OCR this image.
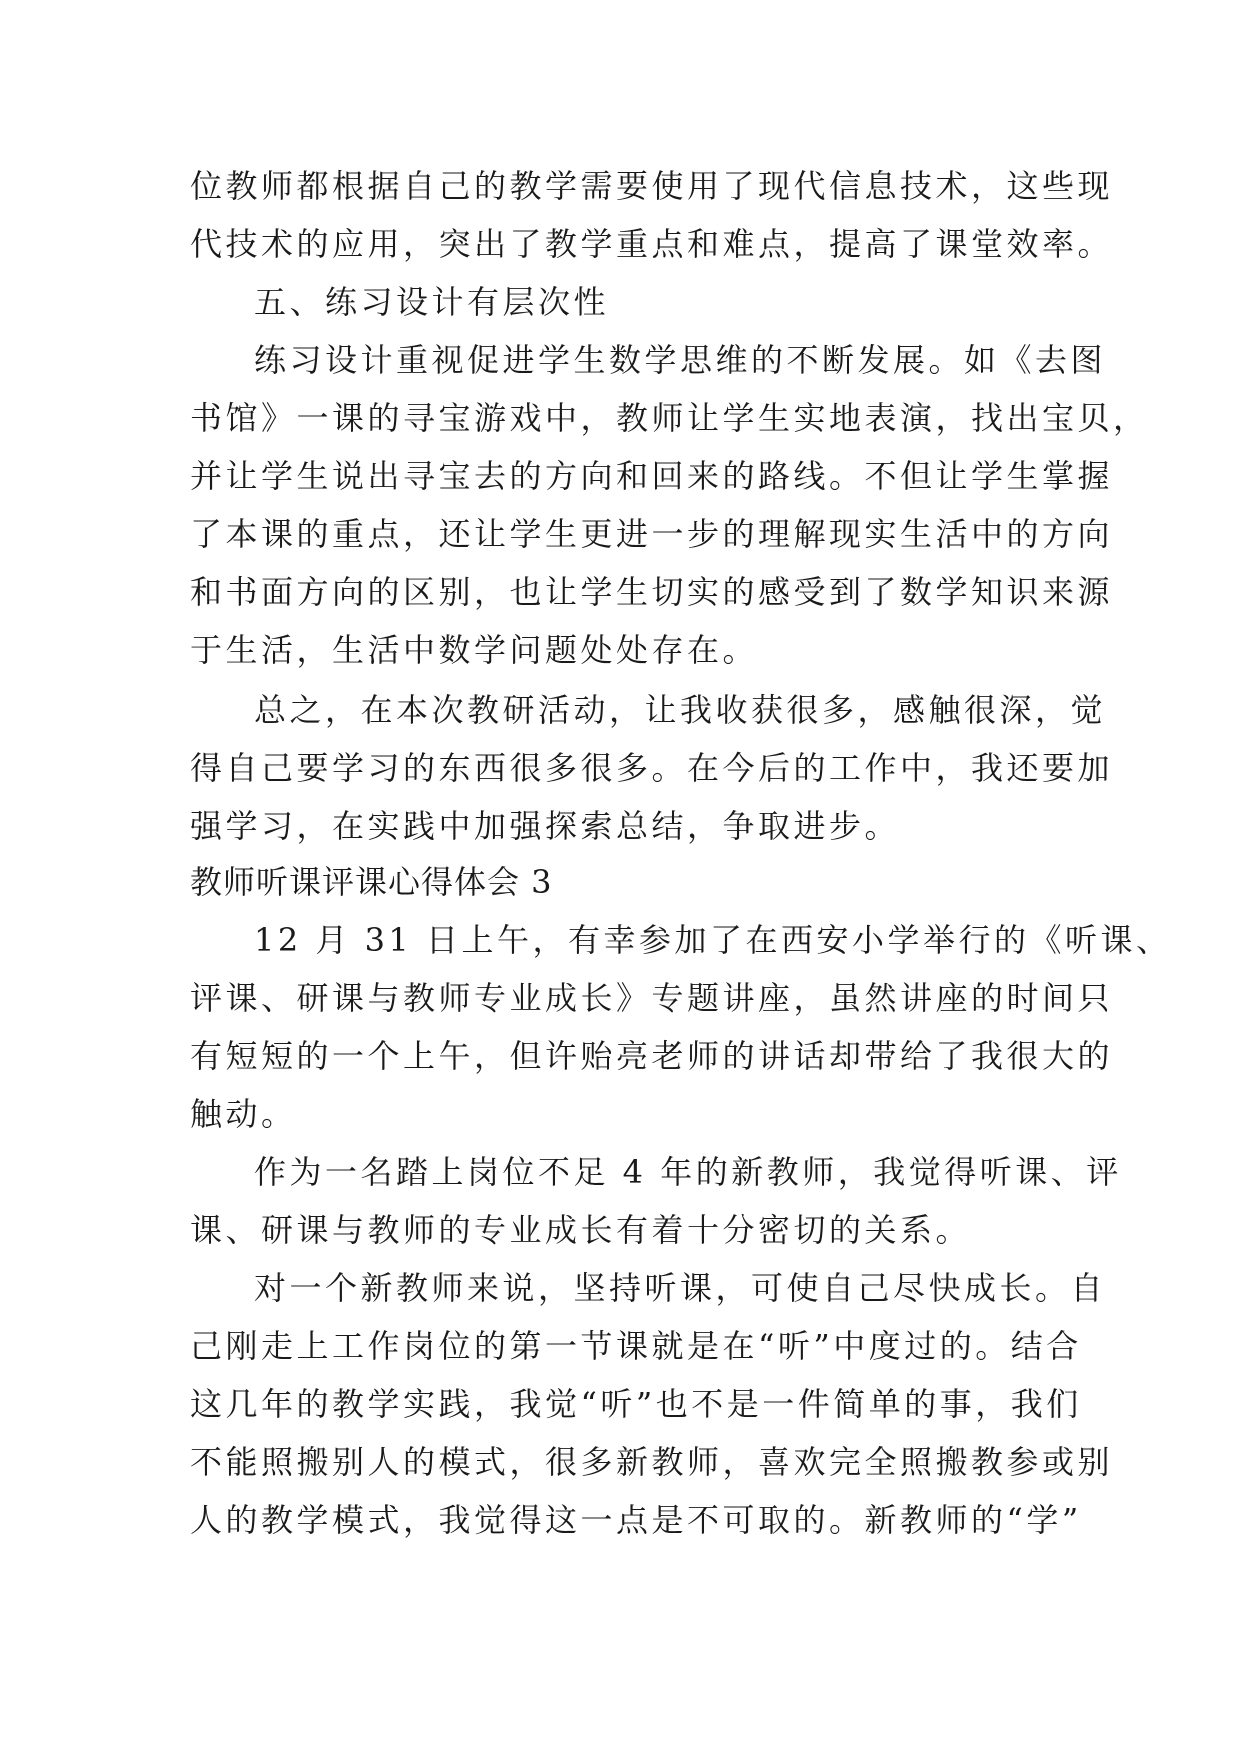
位教师都根据自己的教学需要使用了现代信息技术，这些现
代技术的应用，突出了教学重点和难点，提高了课堂效率。
五、练习设计有层次性
练习设计重视促进学生数学思维的不断发展。如《去图
书馆》一课的寻宝游戏中，教师让学生实地表演，找出宝贝，
并让学生说出寻宝去的方向和回来的路线。不但让学生掌握
了本课的重点，还让学生更进一步的理解现实生活中的方向
和书面方向的区别，也让学生切实的感受到了数学知识来源
于生活，生活中数学问题处处存在。
总之，在本次教研活动，让我收获很多，感触很深，觉
得自己要学习的东西很多很多。在今后的工作中，我还要加
强学习，在实践中加强探索总结，争取进步。
教师听课评课心得体会 3
12 月 31 日上午，有幸参加了在西安小学举行的《听课、
评课、研课与教师专业成长》专题讲座，虽然讲座的时间只
有短短的一个上午，但许贻亮老师的讲话却带给了我很大的
触动。
作为一名踏上岗位不足 4 年的新教师，我觉得听课、评
课、研课与教师的专业成长有着十分密切的关系。
对一个新教师来说，坚持听课，可使自己尽快成长。自
己刚走上工作岗位的第一节课就是在“听”中度过的。结合
这几年的教学实践，我觉“听”也不是一件简单的事，我们
不能照搬别人的模式，很多新教师，喜欢完全照搬教参或别
人的教学模式，我觉得这一点是不可取的。新教师的“学”
